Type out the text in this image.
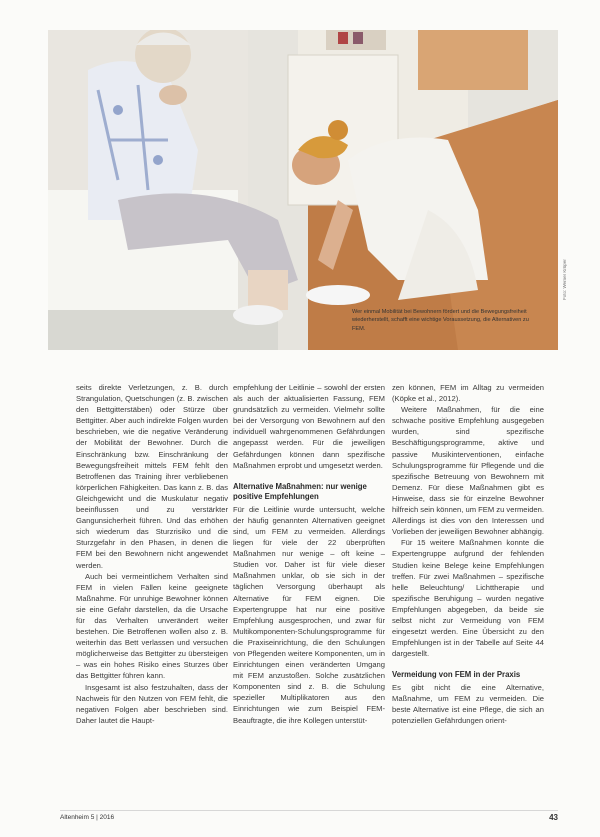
Wer einmal Mobilität bei Bewohnern fördert und die Bewegungsfreiheit wiederherstellt, schafft eine wichtige Voraussetzung, die Alternativen zu FEM.
Foto: Werner Krüper

seits direkte Verletzungen, z. B. durch Strangulation, Quetschungen (z. B. zwischen den Bettgitterstäben) oder Stürze über Bettgitter. Aber auch indirekte Folgen wurden beschrieben, wie die negative Veränderung der Mobilität der Bewohner. Durch die Einschränkung bzw. Einschränkung der Bewegungsfreiheit mittels FEM fehlt den Betroffenen das Training ihrer verbliebenen körperlichen Fähigkeiten. Das kann z. B. das Gleichgewicht und die Muskulatur negativ beeinflussen und zu verstärkter Gangunsicherheit führen. Und das erhöhen sich wiederum das Sturzrisiko und die Sturzgefahr in den Phasen, in denen die FEM bei den Bewohnern nicht angewendet werden.

Auch bei vermeintlichem Verhalten sind FEM in vielen Fällen keine geeignete Maßnahme. Für unruhige Bewohner können sie eine Gefahr darstellen, da die Ursache für das Verhalten unverändert weiter bestehen. Die Betroffenen wollen also z. B. weiterhin das Bett verlassen und versuchen möglicherweise das Bettgitter zu übersteigen – was ein hohes Risiko eines Sturzes über das Bettgitter führen kann.

Insgesamt ist also festzuhalten, dass der Nachweis für den Nutzen von FEM fehlt, die negativen Folgen aber beschrieben sind. Daher lautet die Haupt-

empfehlung der Leitlinie – sowohl der ersten als auch der aktualisierten Fassung, FEM grundsätzlich zu vermeiden. Vielmehr sollte bei der Versorgung von Bewohnern auf den individuell wahrgenommenen Gefährdungen angepasst werden. Für die jeweiligen Gefährdungen können dann spezifische Maßnahmen erprobt und umgesetzt werden.

Alternative Maßnahmen: nur wenige positive Empfehlungen

Für die Leitlinie wurde untersucht, welche der häufig genannten Alternativen geeignet sind, um FEM zu vermeiden. Allerdings liegen für viele der 22 überprüften Maßnahmen nur wenige – oft keine – Studien vor. Daher ist für viele dieser Maßnahmen unklar, ob sie sich in der täglichen Versorgung überhaupt als Alternative für FEM eignen. Die Expertengruppe hat nur eine positive Empfehlung ausgesprochen, und zwar für Multikomponenten-Schulungsprogramme für die Praxiseinrichtung, die den Schulungen von Pflegenden weitere Komponenten, um in Einrichtungen einen veränderten Umgang mit FEM anzustoßen. Solche zusätzlichen Komponenten sind z. B. die Schulung spezieller Multiplikatoren aus den Einrichtungen wie zum Beispiel FEM-Beauftragte, die ihre Kollegen unterstüt-

zen können, FEM im Alltag zu vermeiden (Köpke et al., 2012).

Weitere Maßnahmen, für die eine schwache positive Empfehlung ausgegeben wurden, sind spezifische Beschäftigungsprogramme, aktive und passive Musikinterventionen, einfache Schulungsprogramme für Pflegende und die spezifische Betreuung von Bewohnern mit Demenz. Für diese Maßnahmen gibt es Hinweise, dass sie für einzelne Bewohner hilfreich sein können, um FEM zu vermeiden. Allerdings ist dies von den Interessen und Vorlieben der jeweiligen Bewohner abhängig.

Für 15 weitere Maßnahmen konnte die Expertengruppe aufgrund der fehlenden Studien keine Belege keine Empfehlungen treffen. Für zwei Maßnahmen – spezifische helle Beleuchtung/ Lichttherapie und spezifische Beruhigung – wurden negative Empfehlungen abgegeben, da beide sie selbst nicht zur Vermeidung von FEM eingesetzt werden. Eine Übersicht zu den Empfehlungen ist in der Tabelle auf Seite 44 dargestellt.

Vermeidung von FEM in der Praxis

Es gibt nicht die eine Alternative, Maßnahme, um FEM zu vermeiden. Die beste Alternative ist eine Pflege, die sich an potenziellen Gefährdungen orient-

Altenheim 5 | 2016	43
